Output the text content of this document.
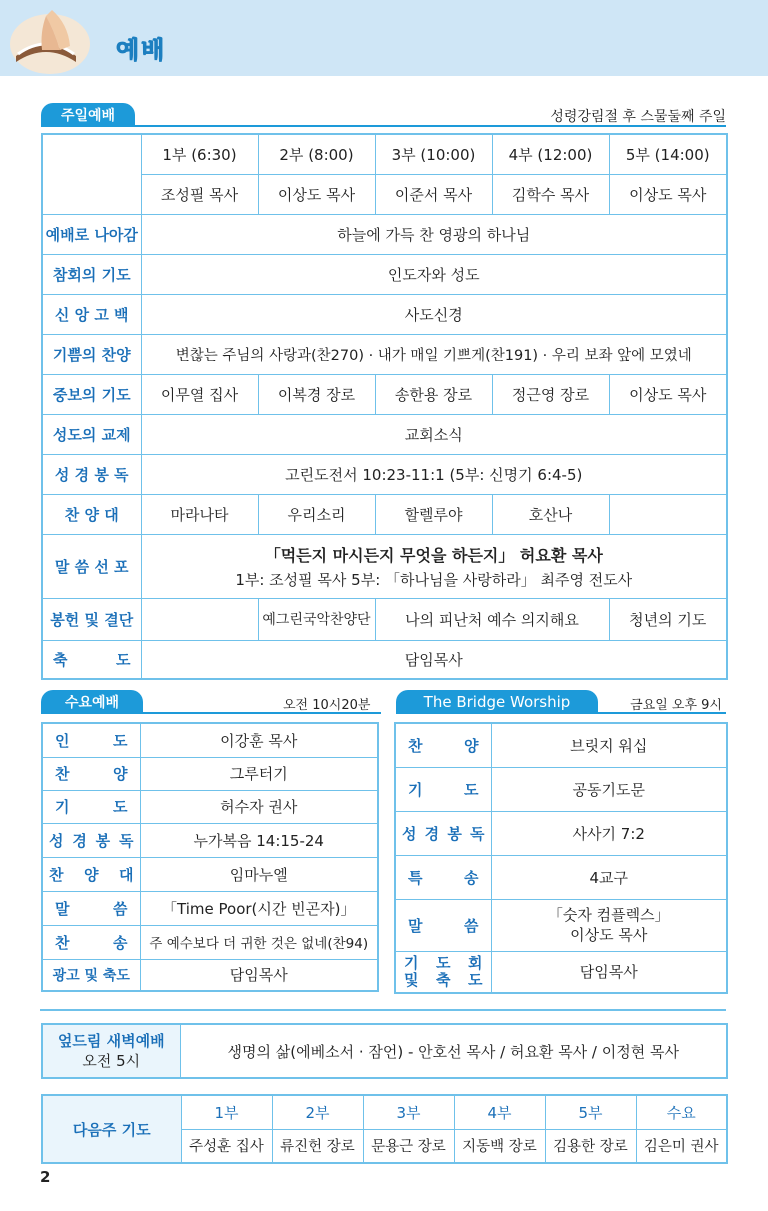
예배
주일예배	성령강림절 후 스물둘째 주일
	1부 (6:30)	2부 (8:00)	3부 (10:00)	4부 (12:00)	5부 (14:00)
	조성필 목사	이상도 목사	이준서 목사	김학수 목사	이상도 목사
예배로 나아감	하늘에 가득 찬 영광의 하나님				
참회의 기도	인도자와 성도				
신 앙 고 백	사도신경				
기쁨의 찬양	변찮는 주님의 사랑과(찬270) · 내가 매일 기쁘게(찬191) · 우리 보좌 앞에 모였네				
중보의 기도	이무열 집사	이복경 장로	송한용 장로	정근영 장로	이상도 목사
성도의 교제	교회소식				
성 경 봉 독	고린도전서 10:23-11:1 (5부: 신명기 6:4-5)				
찬 양 대	마라나타	우리소리	할렐루야	호산나	
말 씀 선 포	「먹든지 마시든지 무엇을 하든지」 허요환 목사
1부: 조성필 목사 5부: 「하나님을 사랑하라」 최주영 전도사				

봉헌 및 결단		예그린국악찬양단	나의 피난처 예수 의지해요		청년의 기도
축 도	담임목사				
수요예배	오전 10시20분
인 도	이강훈 목사
찬 양	그루터기
기 도	허수자 권사
성 경 봉 독	누가복음 14:15-24
찬 양 대	임마누엘
말 씀	「Time Poor(시간 빈곤자)」
찬 송	주 예수보다 더 귀한 것은 없네(찬94)
광고 및 축도	담임목사
The Bridge Worship	금요일 오후 9시
찬 양	브릿지 워십
기 도	공동기도문
성 경 봉 독	사사기 7:2
특 송	4교구
말 씀	「숫자 컴플렉스」
이상도 목사

기 도 회
및 축 도	담임목사
엎드림 새벽예배
오전 5시
	생명의 삶(에베소서 · 잠언) - 안호선 목사 / 허요환 목사 / 이정현 목사
다음주 기도	1부	2부	3부	4부	5부	수요
	주성훈 집사	류진헌 장로	문용근 장로	지동백 장로	김용한 장로	김은미 권사
2
